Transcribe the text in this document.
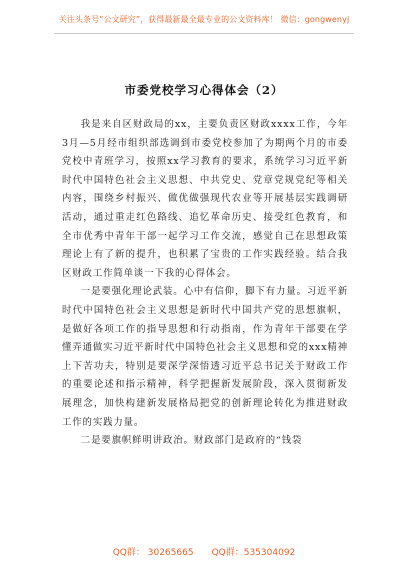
关注头条号“公文研究”，获得最新最全最专业的公文资料库！ 微信：gongwenyj
市委党校学习心得体会（2）

我是来自区财政局的xx，主要负责区财政xxxx工作，今年3月—5月经市组织部选调到市委党校参加了为期两个月的市委党校中青班学习，按照xx学习教育的要求，系统学习习近平新时代中国特色社会主义思想、中共党史、党章党规党纪等相关内容，围绕乡村振兴、做优做强现代农业等开展基层实践调研活动，通过重走红色路线、追忆革命历史、接受红色教育，和全市优秀中青年干部一起学习工作交流，感觉自己在思想政策理论上有了新的提升，也积累了宝贵的工作实践经验。结合我区财政工作简单谈一下我的心得体会。

一是要强化理论武装。心中有信仰，脚下有力量。习近平新时代中国特色社会主义思想是新时代中国共产党的思想旗帜，是做好各项工作的指导思想和行动指南，作为青年干部要在学懂弄通做实习近平新时代中国特色社会主义思想和党的xxx精神上下苦功夫，特别是要深学深悟透习近平总书记关于财政工作的重要论述和指示精神，科学把握新发展阶段，深入贯彻新发展理念，加快构建新发展格局把党的创新理论转化为推进财政工作的实践力量。

二是要旗帜鲜明讲政治。财政部门是政府的“钱袋

QQ群： 30265665 QQ群：535304092
